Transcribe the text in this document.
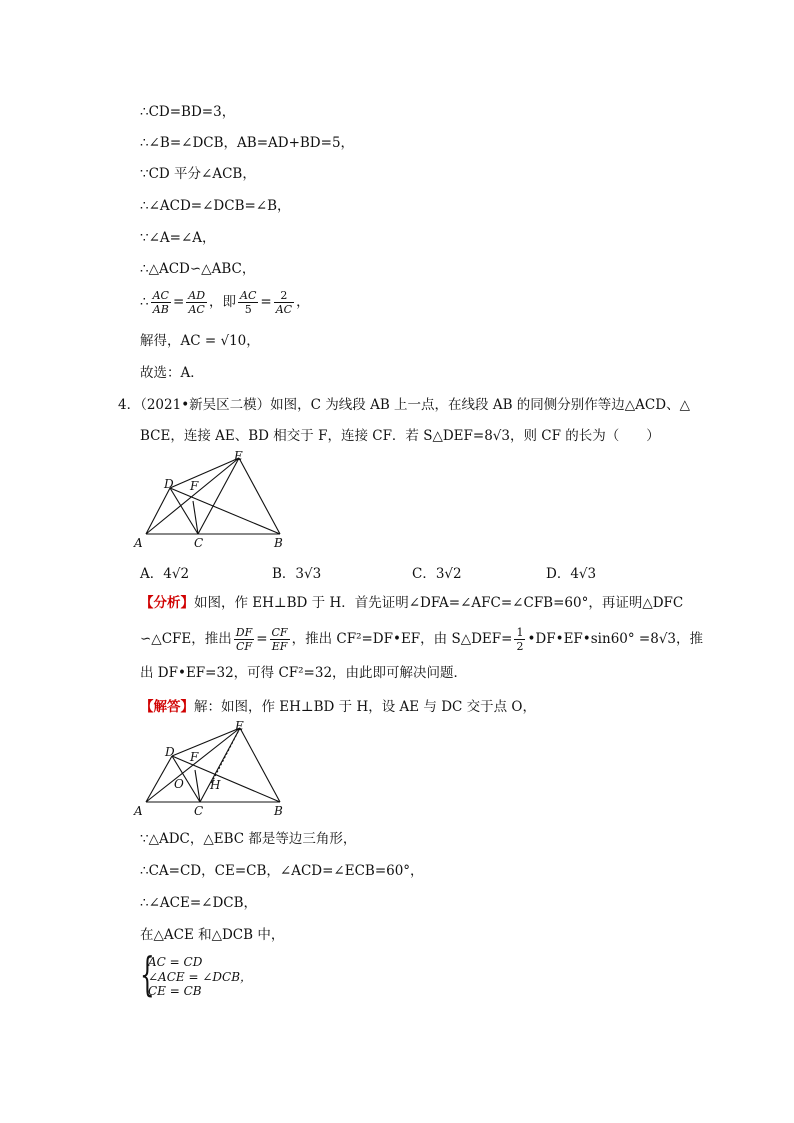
∴CD=BD=3，
∴∠B=∠DCB，AB=AD+BD=5，
∵CD 平分∠ACB，
∴∠ACD=∠DCB=∠B，
∵∠A=∠A，
∴△ACD∽△ABC，
∴ $\frac{AC}{AB} = \frac{AD}{AC}$ ，即 $\frac{AC}{5} = \frac{2}{AC}$ ，
解得，AC = √10，
故选：A．
4．（2021•新吴区二模）如图，C 为线段 AB 上一点，在线段 AB 的同侧分别作等边△ACD、△
BCE，连接 AE、BD 相交于 F，连接 CF．若 S△DEF=8√3，则 CF 的长为（　　）
A	C	B
D
E
F
A．4√2	B．3√3	C．3√2	D．4√3
【分析】如图，作 EH⊥BD 于 H．首先证明∠DFA=∠AFC=∠CFB=60°，再证明△DFC
∽△CFE，推出 $\frac{DF}{CF} = \frac{CF}{EF}$ ，推出 CF²=DF•EF，由 S△DEF= $\frac{1}{2}$ •DF•EF•sin60° =8√3，推
出 DF•EF=32，可得 CF²=32，由此即可解决问题．
【解答】解：如图，作 EH⊥BD 于 H，设 AE 与 DC 交于点 O，
A	C	B
D
E
F
O H
∵△ADC，△EBC 都是等边三角形，
∴CA=CD，CE=CB，∠ACD=∠ECB=60°，
∴∠ACE=∠DCB，
在△ACE 和△DCB 中，
{
AC = CD
∠ACE = ∠DCB，
CE = CB
